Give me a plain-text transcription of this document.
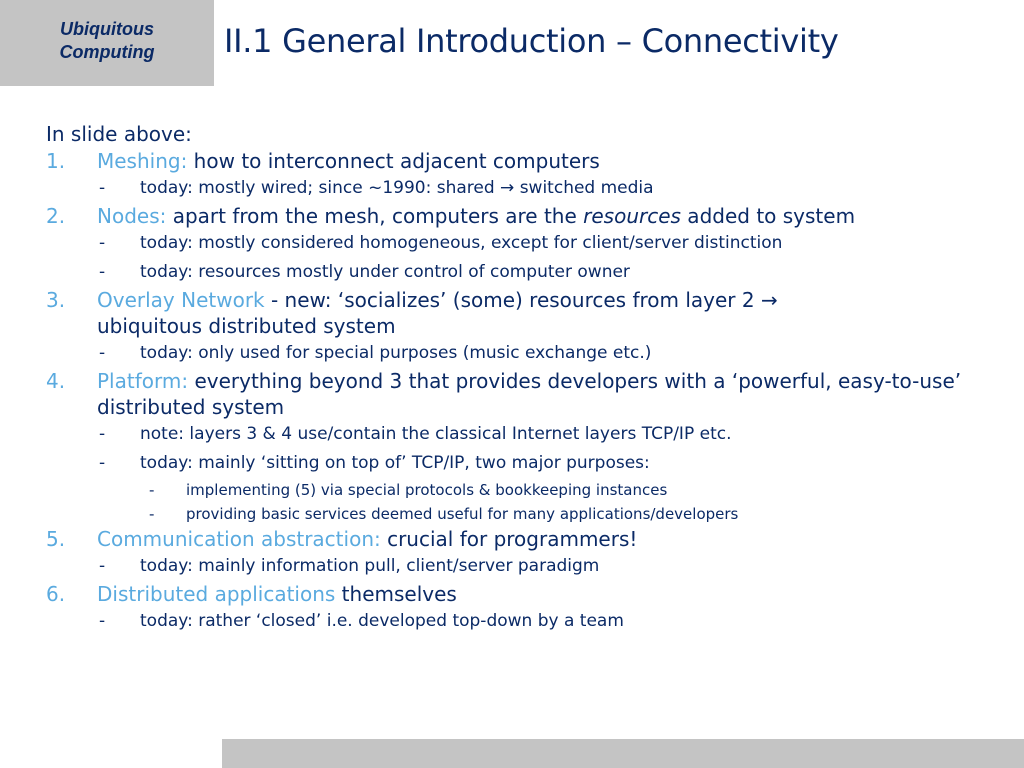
Ubiquitous
Computing II.1 General Introduction – Connectivity

In slide above:

1. Meshing: how to interconnect adjacent computers

- today: mostly wired; since ~1990: shared → switched media

2. Nodes: apart from the mesh, computers are the resources added to system

- today: mostly considered homogeneous, except for client/server distinction

- today: resources mostly under control of computer owner

3. Overlay Network - new: ‘socializes’ (some) resources from layer 2 →
ubiquitous distributed system

- today: only used for special purposes (music exchange etc.)

4. Platform: everything beyond 3 that provides developers with a ‘powerful, easy-to-use’ distributed system

- note: layers 3 & 4 use/contain the classical Internet layers TCP/IP etc.

- today: mainly ‘sitting on top of’ TCP/IP, two major purposes:

- implementing (5) via special protocols & bookkeeping instances

- providing basic services deemed useful for many applications/developers

5. Communication abstraction: crucial for programmers!

- today: mainly information pull, client/server paradigm

6. Distributed applications themselves

- today: rather ‘closed’ i.e. developed top-down by a team
